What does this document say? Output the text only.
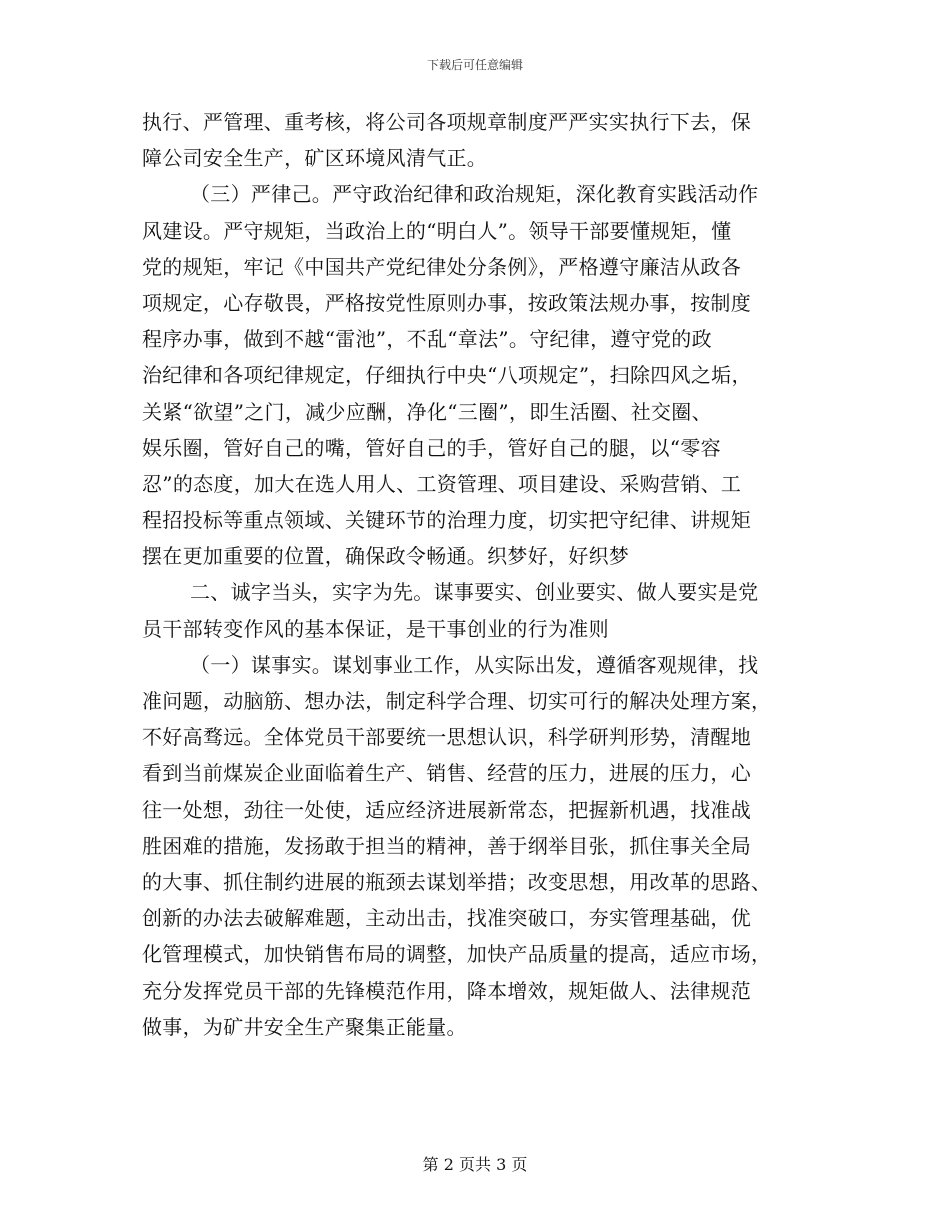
下载后可任意编辑
执行、严管理、重考核，将公司各项规章制度严严实实执行下去，保
障公司安全生产，矿区环境风清气正。
（三）严律己。严守政治纪律和政治规矩，深化教育实践活动作
风建设。严守规矩，当政治上的“明白人”。领导干部要懂规矩，懂
党的规矩，牢记《中国共产党纪律处分条例》，严格遵守廉洁从政各
项规定，心存敬畏，严格按党性原则办事，按政策法规办事，按制度
程序办事，做到不越“雷池”，不乱“章法”。守纪律，遵守党的政
治纪律和各项纪律规定，仔细执行中央“八项规定”，扫除四风之垢，
关紧“欲望”之门，减少应酬，净化“三圈”，即生活圈、社交圈、
娱乐圈，管好自己的嘴，管好自己的手，管好自己的腿，以“零容
忍”的态度，加大在选人用人、工资管理、项目建设、采购营销、工
程招投标等重点领域、关键环节的治理力度，切实把守纪律、讲规矩
摆在更加重要的位置，确保政令畅通。织梦好，好织梦
二、诚字当头，实字为先。谋事要实、创业要实、做人要实是党
员干部转变作风的基本保证，是干事创业的行为准则
（一）谋事实。谋划事业工作，从实际出发，遵循客观规律，找
准问题，动脑筋、想办法，制定科学合理、切实可行的解决处理方案，
不好高骛远。全体党员干部要统一思想认识，科学研判形势，清醒地
看到当前煤炭企业面临着生产、销售、经营的压力，进展的压力，心
往一处想，劲往一处使，适应经济进展新常态，把握新机遇，找准战
胜困难的措施，发扬敢于担当的精神，善于纲举目张，抓住事关全局
的大事、抓住制约进展的瓶颈去谋划举措；改变思想，用改革的思路、
创新的办法去破解难题，主动出击，找准突破口，夯实管理基础，优
化管理模式，加快销售布局的调整，加快产品质量的提高，适应市场，
充分发挥党员干部的先锋模范作用，降本增效，规矩做人、法律规范
做事，为矿井安全生产聚集正能量。
第 2 页共 3 页
